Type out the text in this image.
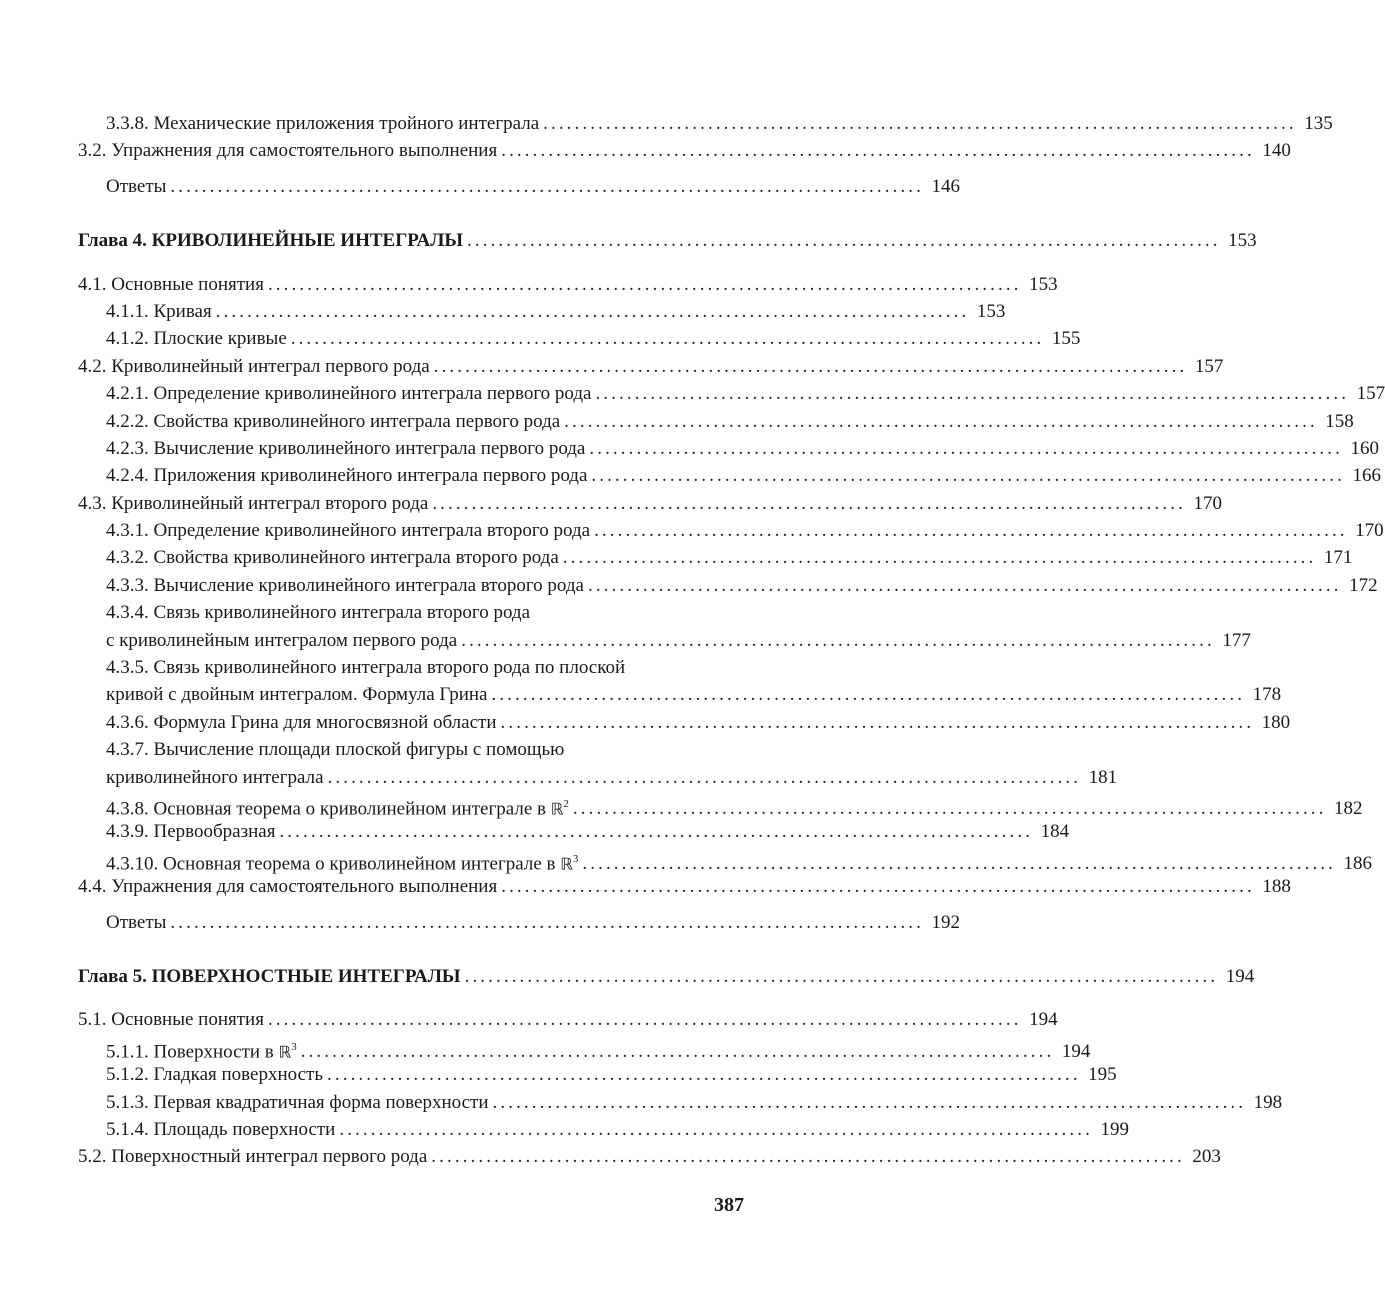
3.3.8. Механические приложения тройного интеграла ................................................................................................ 135
3.2. Упражнения для самостоятельного выполнения ................................................................................................ 140
Ответы ................................................................................................ 146
Глава 4. КРИВОЛИНЕЙНЫЕ ИНТЕГРАЛЫ ................................................................................................ 153
4.1. Основные понятия ................................................................................................ 153
4.1.1. Кривая ................................................................................................ 153
4.1.2. Плоские кривые ................................................................................................ 155
4.2. Криволинейный интеграл первого рода ................................................................................................ 157
4.2.1. Определение криволинейного интеграла первого рода ................................................................................................ 157
4.2.2. Свойства криволинейного интеграла первого рода ................................................................................................ 158
4.2.3. Вычисление криволинейного интеграла первого рода ................................................................................................ 160
4.2.4. Приложения криволинейного интеграла первого рода ................................................................................................ 166
4.3. Криволинейный интеграл второго рода ................................................................................................ 170
4.3.1. Определение криволинейного интеграла второго рода ................................................................................................ 170
4.3.2. Свойства криволинейного интеграла второго рода ................................................................................................ 171
4.3.3. Вычисление криволинейного интеграла второго рода ................................................................................................ 172
4.3.4. Связь криволинейного интеграла второго рода
с криволинейным интегралом первого рода ................................................................................................ 177
4.3.5. Связь криволинейного интеграла второго рода по плоской
кривой с двойным интегралом. Формула Грина ................................................................................................ 178
4.3.6. Формула Грина для многосвязной области ................................................................................................ 180
4.3.7. Вычисление площади плоской фигуры с помощью
криволинейного интеграла ................................................................................................ 181
4.3.8. Основная теорема о криволинейном интеграле в ℝ$^2$ ................................................................................................ 182
4.3.9. Первообразная ................................................................................................ 184
4.3.10. Основная теорема о криволинейном интеграле в ℝ$^3$ ................................................................................................ 186
4.4. Упражнения для самостоятельного выполнения ................................................................................................ 188
Ответы ................................................................................................ 192
Глава 5. ПОВЕРХНОСТНЫЕ ИНТЕГРАЛЫ ................................................................................................ 194
5.1. Основные понятия ................................................................................................ 194
5.1.1. Поверхности в ℝ$^3$ ................................................................................................ 194
5.1.2. Гладкая поверхность ................................................................................................ 195
5.1.3. Первая квадратичная форма поверхности ................................................................................................ 198
5.1.4. Площадь поверхности ................................................................................................ 199
5.2. Поверхностный интеграл первого рода ................................................................................................ 203
387
